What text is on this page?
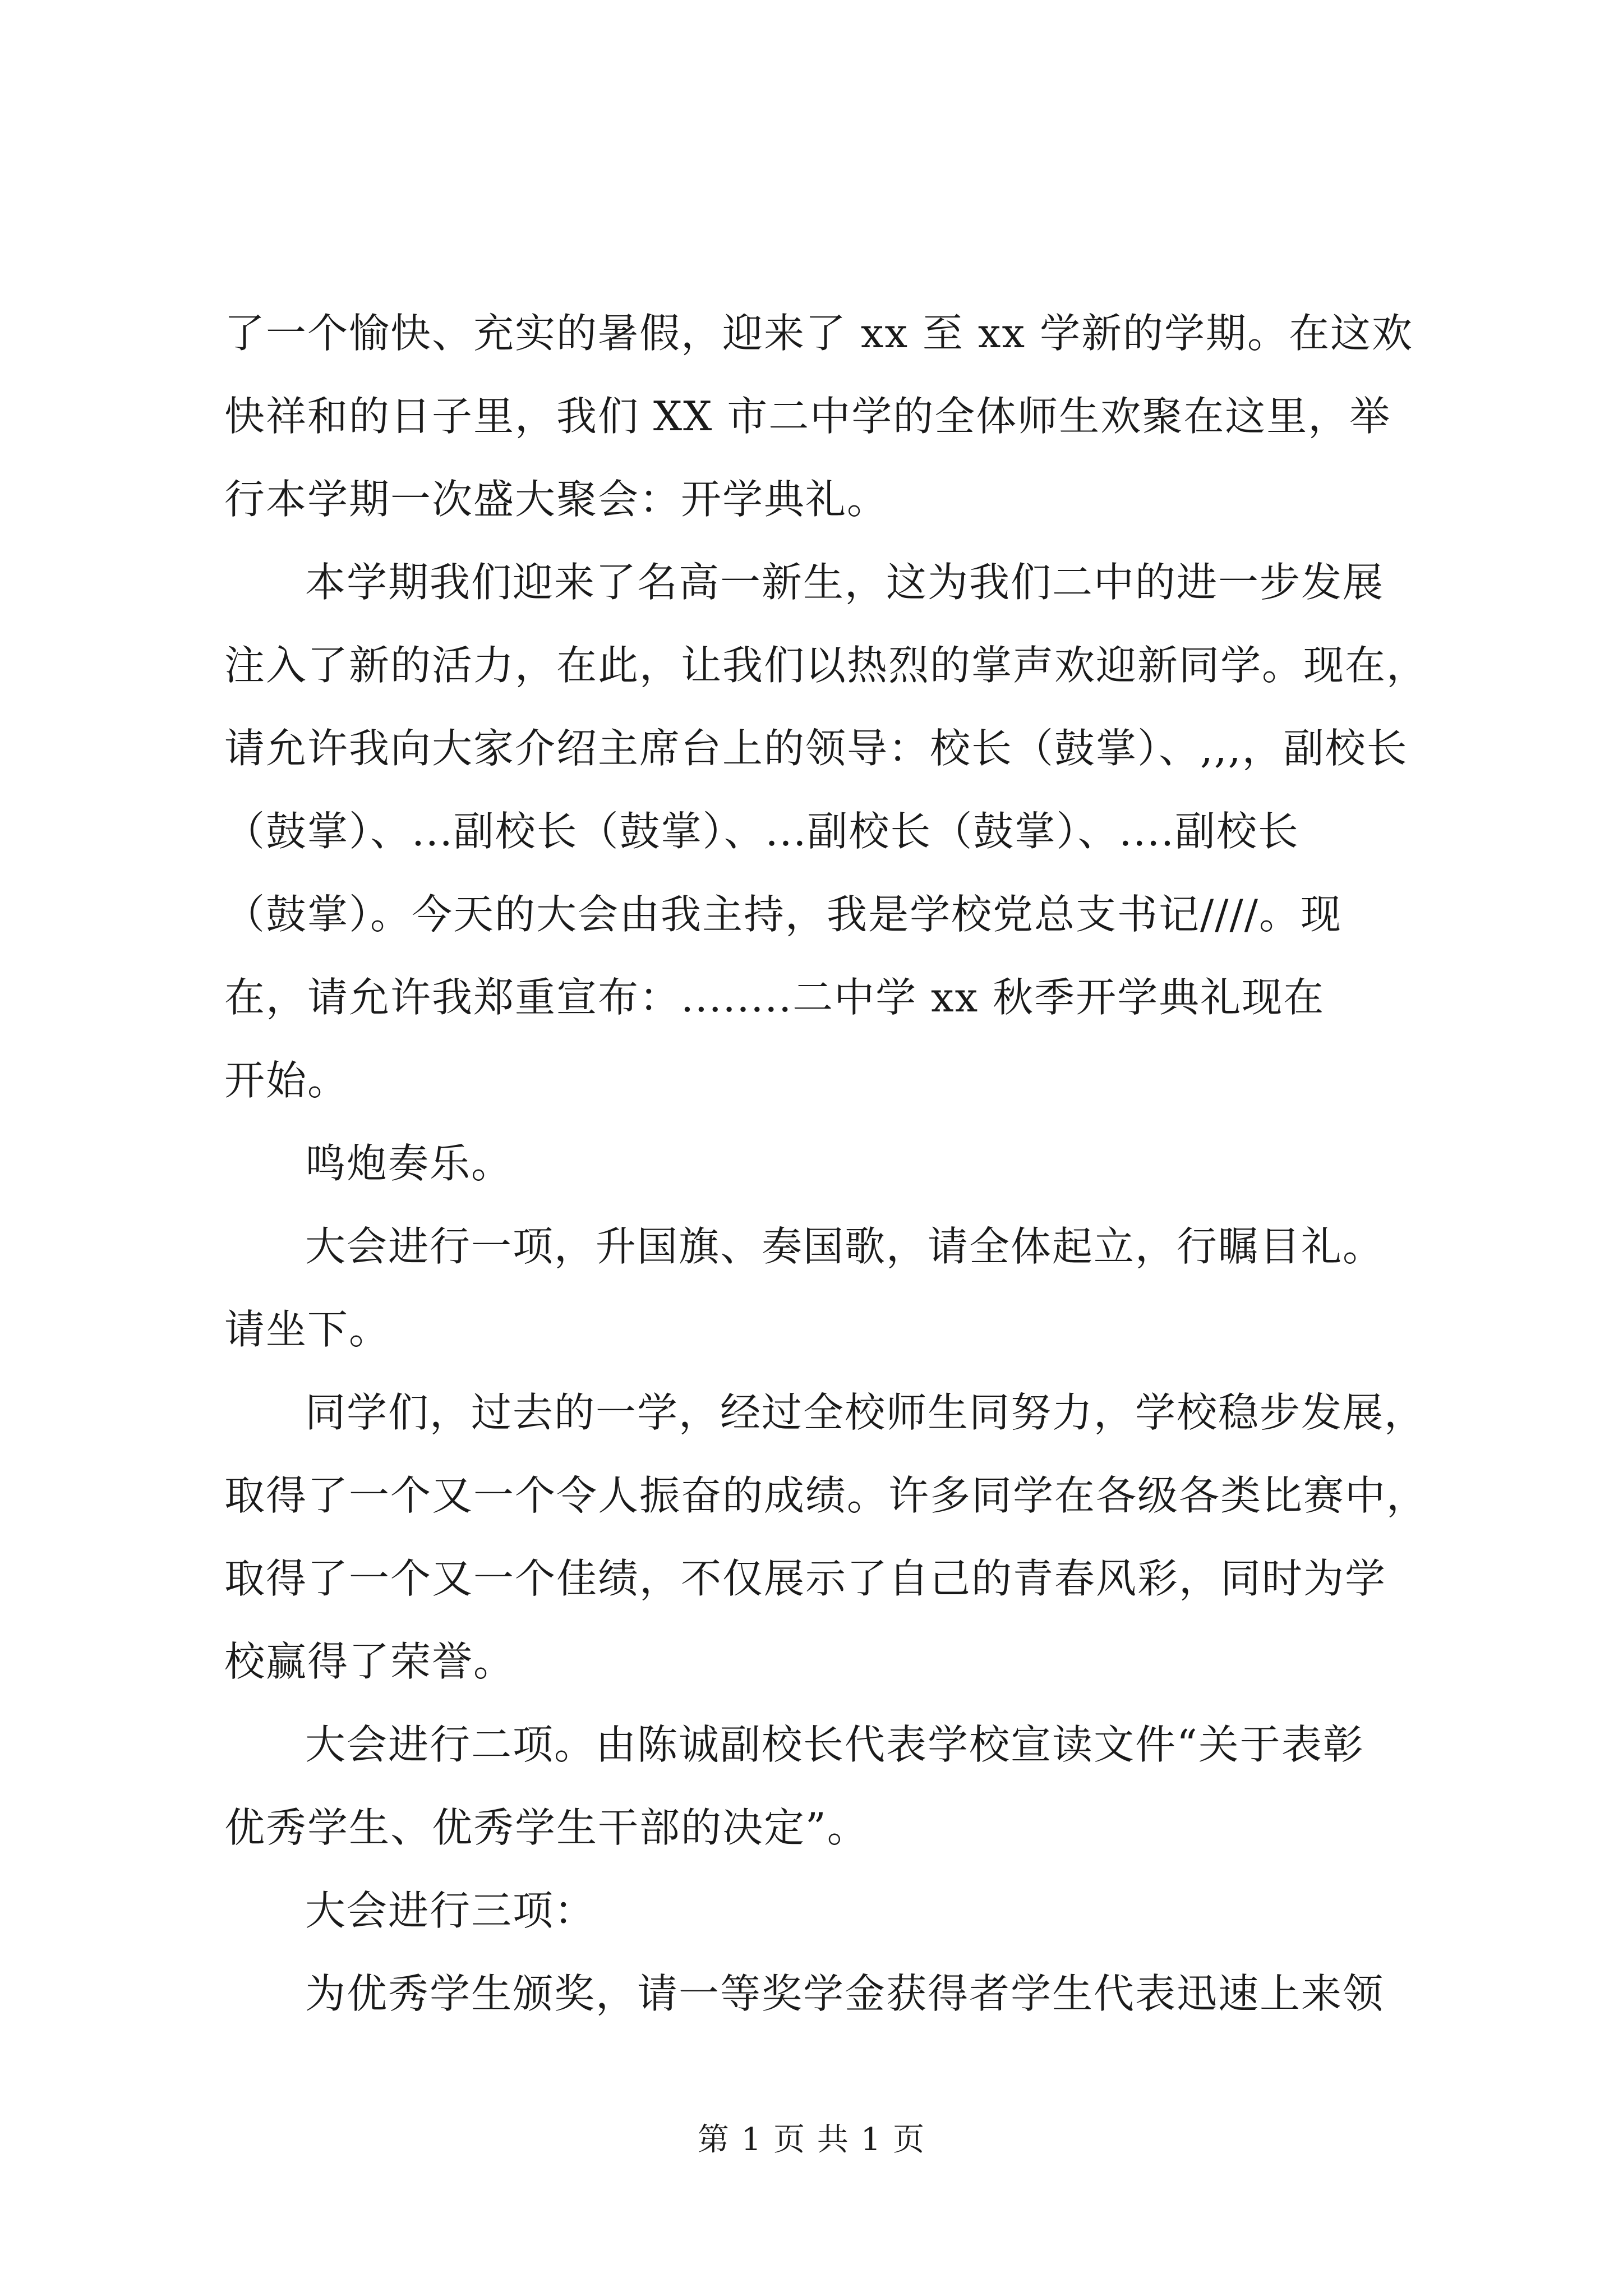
了一个愉快、充实的暑假，迎来了 xx 至 xx 学新的学期。在这欢
快祥和的日子里，我们 XX 市二中学的全体师生欢聚在这里，举
行本学期一次盛大聚会：开学典礼。
本学期我们迎来了名高一新生，这为我们二中的进一步发展
注入了新的活力，在此，让我们以热烈的掌声欢迎新同学。现在，
请允许我向大家介绍主席台上的领导：校长（鼓掌）、,,,，副校长
（鼓掌）、...副校长（鼓掌）、...副校长（鼓掌）、....副校长
（鼓掌）。今天的大会由我主持，我是学校党总支书记////。现
在，请允许我郑重宣布：........二中学 xx 秋季开学典礼现在
开始。
鸣炮奏乐。
大会进行一项，升国旗、奏国歌，请全体起立，行瞩目礼。
请坐下。
同学们，过去的一学，经过全校师生同努力，学校稳步发展，
取得了一个又一个令人振奋的成绩。许多同学在各级各类比赛中，
取得了一个又一个佳绩，不仅展示了自己的青春风彩，同时为学
校赢得了荣誉。
大会进行二项。由陈诚副校长代表学校宣读文件“关于表彰
优秀学生、优秀学生干部的决定”。
大会进行三项：
为优秀学生颁奖，请一等奖学金获得者学生代表迅速上来领
第 1 页 共 1 页
